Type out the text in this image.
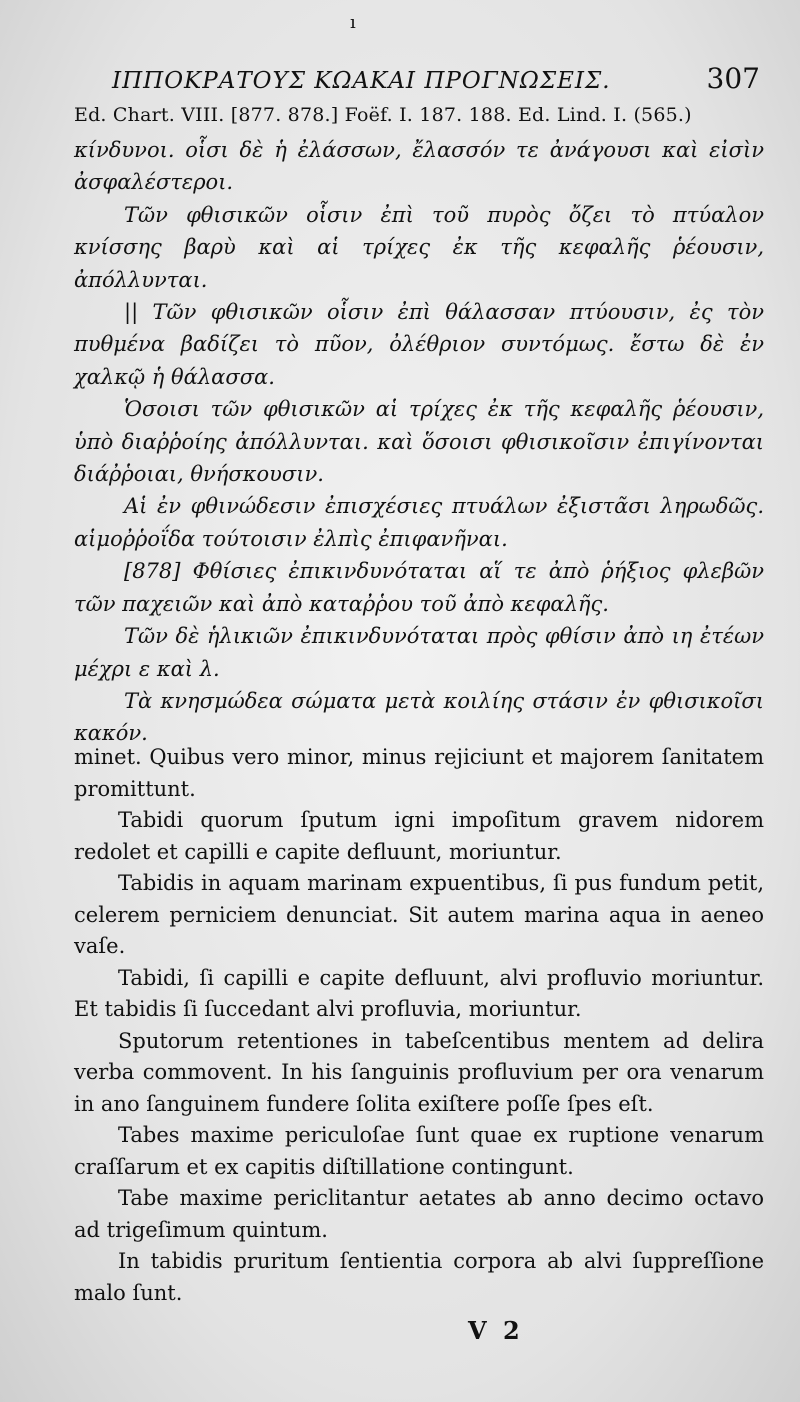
ı
ΙΠΠΟΚΡΑΤΟΥΣ ΚΩΑΚΑΙ ΠΡΟΓΝΩΣΕΙΣ.	307
Ed. Chart. VIII. [877. 878.] Foëf. I. 187. 188. Ed. Lind. I. (565.)

κίνδυνοι. οἷσι δὲ ἡ ἐλάσσων, ἔλασσόν τε ἀνάγουσι καὶ εἰσὶν ἀσφαλέστεροι.

Τῶν φθισικῶν οἷσιν ἐπὶ τοῦ πυρὸς ὄζει τὸ πτύαλον κνίσσης βαρὺ καὶ αἱ τρίχες ἐκ τῆς κεφαλῆς ῥέουσιν, ἀπόλλυνται.

|| Τῶν φθισικῶν οἷσιν ἐπὶ θάλασσαν πτύουσιν, ἐς τὸν πυθμένα βαδίζει τὸ πῦον, ὀλέθριον συντόμως. ἔστω δὲ ἐν χαλκῷ ἡ θάλασσα.

Ὁσοισι τῶν φθισικῶν αἱ τρίχες ἐκ τῆς κεφαλῆς ῥέουσιν, ὑπὸ διαῤῥοίης ἀπόλλυνται. καὶ ὅσοισι φθισικοῖσιν ἐπιγίνονται διάῤῥοιαι, θνήσκουσιν.

Αἱ ἐν φθινώδεσιν ἐπισχέσιες πτυάλων ἐξιστᾶσι ληρωδῶς. αἱμοῤῥοΐδα τούτοισιν ἐλπὶς ἐπιφανῆναι.

[878] Φθίσιες ἐπικινδυνόταται αἵ τε ἀπὸ ῥήξιος φλεβῶν τῶν παχειῶν καὶ ἀπὸ καταῤῥου τοῦ ἀπὸ κεφαλῆς.

Τῶν δὲ ἡλικιῶν ἐπικινδυνόταται πρὸς φθίσιν ἀπὸ ιη ἐτέων μέχρι ε καὶ λ.

Τὰ κνησμώδεα σώματα μετὰ κοιλίης στάσιν ἐν φθισικοῖσι κακόν.

minet. Quibus vero minor, minus rejiciunt et majorem ſanitatem promittunt.

Tabidi quorum ſputum igni impoſitum gravem nidorem redolet et capilli e capite defluunt, moriuntur.

Tabidis in aquam marinam expuentibus, ſi pus fundum petit, celerem perniciem denunciat. Sit autem marina aqua in aeneo vaſe.

Tabidi, ſi capilli e capite defluunt, alvi profluvio moriuntur. Et tabidis ſi ſuccedant alvi profluvia, moriuntur.

Sputorum retentiones in tabeſcentibus mentem ad delira verba commovent. In his ſanguinis profluvium per ora venarum in ano ſanguinem fundere ſolita exiſtere poſſe ſpes eſt.

Tabes maxime periculoſae ſunt quae ex ruptione venarum craſſarum et ex capitis diſtillatione contingunt.

Tabe maxime periclitantur aetates ab anno decimo octavo ad trigeſimum quintum.

In tabidis pruritum ſentientia corpora ab alvi ſuppreſſione malo ſunt.

V 2
